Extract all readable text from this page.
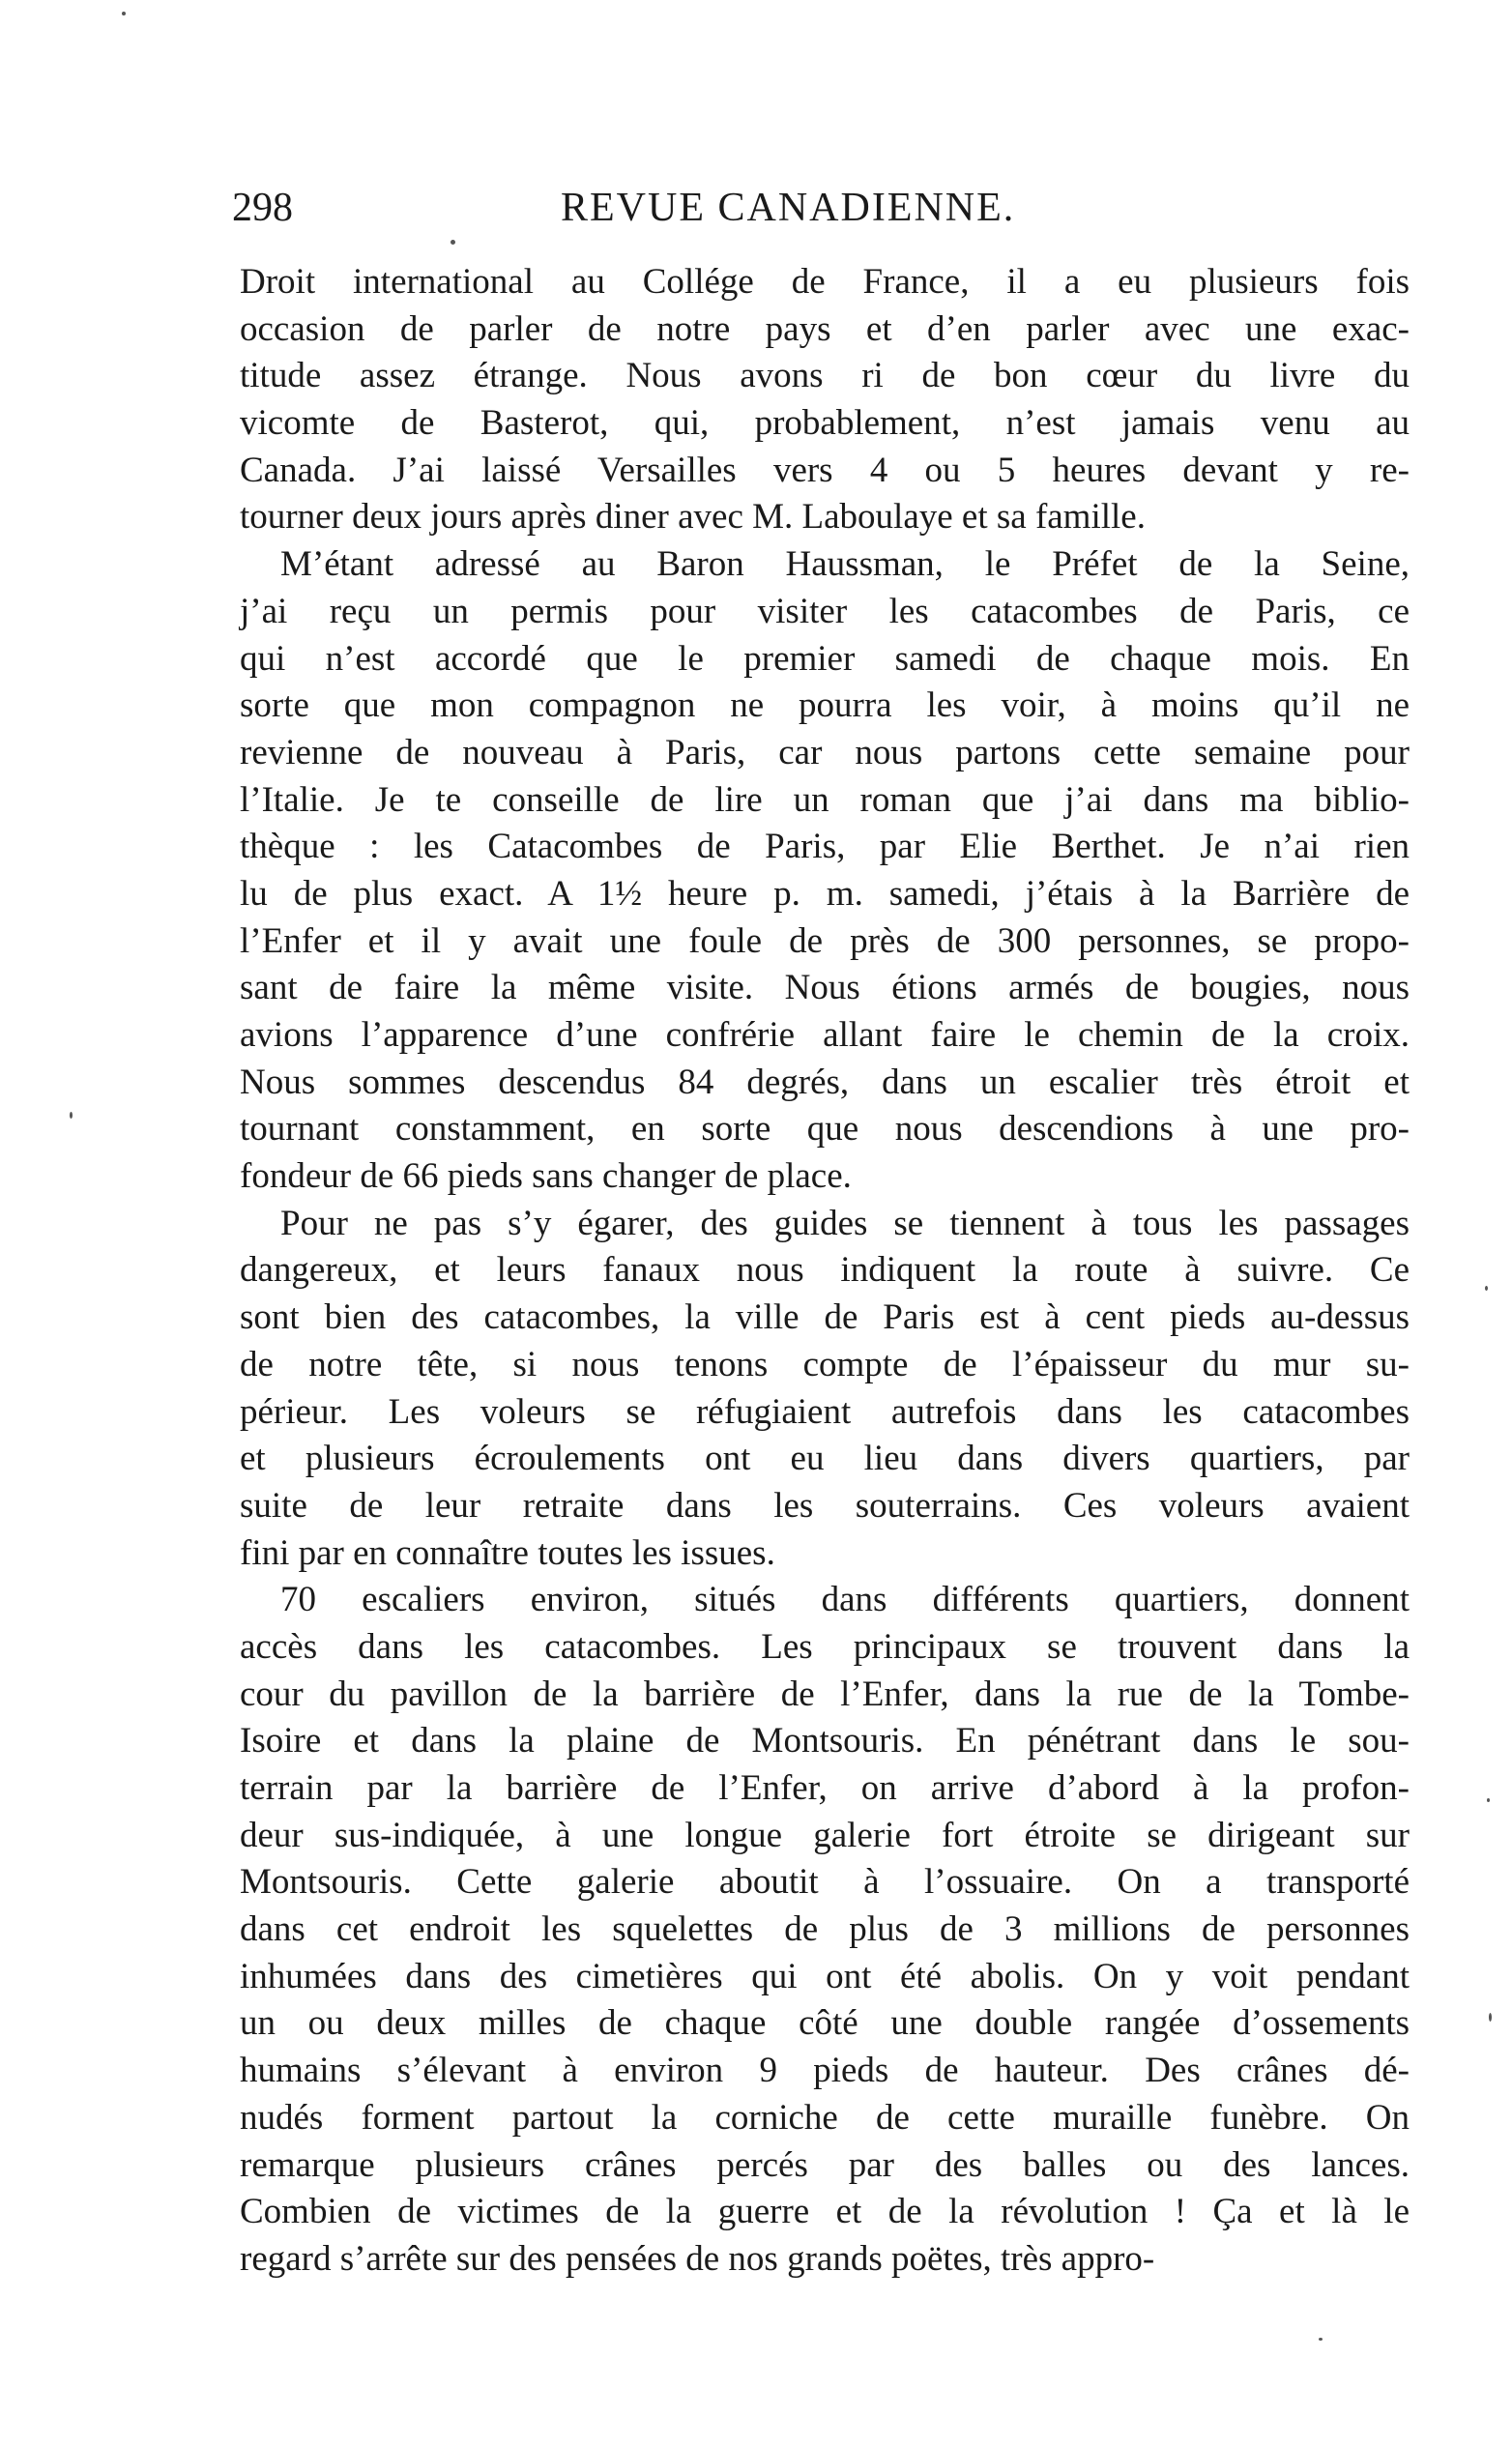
298	REVUE CANADIENNE.
Droit international au Collége de France, il a eu plusieurs fois
occasion de parler de notre pays et d’en parler avec une exac-
titude assez étrange. Nous avons ri de bon cœur du livre du
vicomte de Basterot, qui, probablement, n’est jamais venu au
Canada. J’ai laissé Versailles vers 4 ou 5 heures devant y re-
tourner deux jours après diner avec M. Laboulaye et sa famille.
M’étant adressé au Baron Haussman, le Préfet de la Seine,
j’ai reçu un permis pour visiter les catacombes de Paris, ce
qui n’est accordé que le premier samedi de chaque mois. En
sorte que mon compagnon ne pourra les voir, à moins qu’il ne
revienne de nouveau à Paris, car nous partons cette semaine pour
l’Italie. Je te conseille de lire un roman que j’ai dans ma biblio-
thèque : les Catacombes de Paris, par Elie Berthet. Je n’ai rien
lu de plus exact. A 1½ heure p. m. samedi, j’étais à la Barrière de
l’Enfer et il y avait une foule de près de 300 personnes, se propo-
sant de faire la même visite. Nous étions armés de bougies, nous
avions l’apparence d’une confrérie allant faire le chemin de la croix.
Nous sommes descendus 84 degrés, dans un escalier très étroit et
tournant constamment, en sorte que nous descendions à une pro-
fondeur de 66 pieds sans changer de place.
Pour ne pas s’y égarer, des guides se tiennent à tous les passages
dangereux, et leurs fanaux nous indiquent la route à suivre. Ce
sont bien des catacombes, la ville de Paris est à cent pieds au-dessus
de notre tête, si nous tenons compte de l’épaisseur du mur su-
périeur. Les voleurs se réfugiaient autrefois dans les catacombes
et plusieurs écroulements ont eu lieu dans divers quartiers, par
suite de leur retraite dans les souterrains. Ces voleurs avaient
fini par en connaître toutes les issues.
70 escaliers environ, situés dans différents quartiers, donnent
accès dans les catacombes. Les principaux se trouvent dans la
cour du pavillon de la barrière de l’Enfer, dans la rue de la Tombe-
Isoire et dans la plaine de Montsouris. En pénétrant dans le sou-
terrain par la barrière de l’Enfer, on arrive d’abord à la profon-
deur sus-indiquée, à une longue galerie fort étroite se dirigeant sur
Montsouris. Cette galerie aboutit à l’ossuaire. On a transporté
dans cet endroit les squelettes de plus de 3 millions de personnes
inhumées dans des cimetières qui ont été abolis. On y voit pendant
un ou deux milles de chaque côté une double rangée d’ossements
humains s’élevant à environ 9 pieds de hauteur. Des crânes dé-
nudés forment partout la corniche de cette muraille funèbre. On
remarque plusieurs crânes percés par des balles ou des lances.
Combien de victimes de la guerre et de la révolution ! Ça et là le
regard s’arrête sur des pensées de nos grands poëtes, très appro-
